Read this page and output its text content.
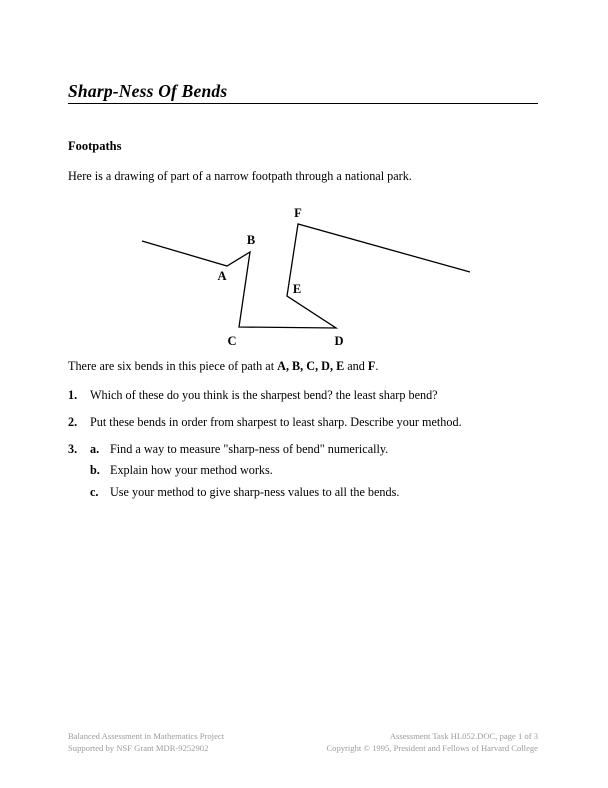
Sharp-Ness Of Bends
Footpaths
Here is a drawing of part of a narrow footpath through a national park.
A
B
C	D
E
F
There are six bends in this piece of path at A, B, C, D, E and F.
1. Which of these do you think is the sharpest bend? the least sharp bend?
2. Put these bends in order from sharpest to least sharp. Describe your method.
3. a. Find a way to measure "sharp-ness of bend" numerically.
b. Explain how your method works.
c. Use your method to give sharp-ness values to all the bends.
Balanced Assessment in Mathematics Project
Supported by NSF Grant MDR-9252902
Assessment Task HL052.DOC, page 1 of 3
Copyright © 1995, President and Fellows of Harvard College
